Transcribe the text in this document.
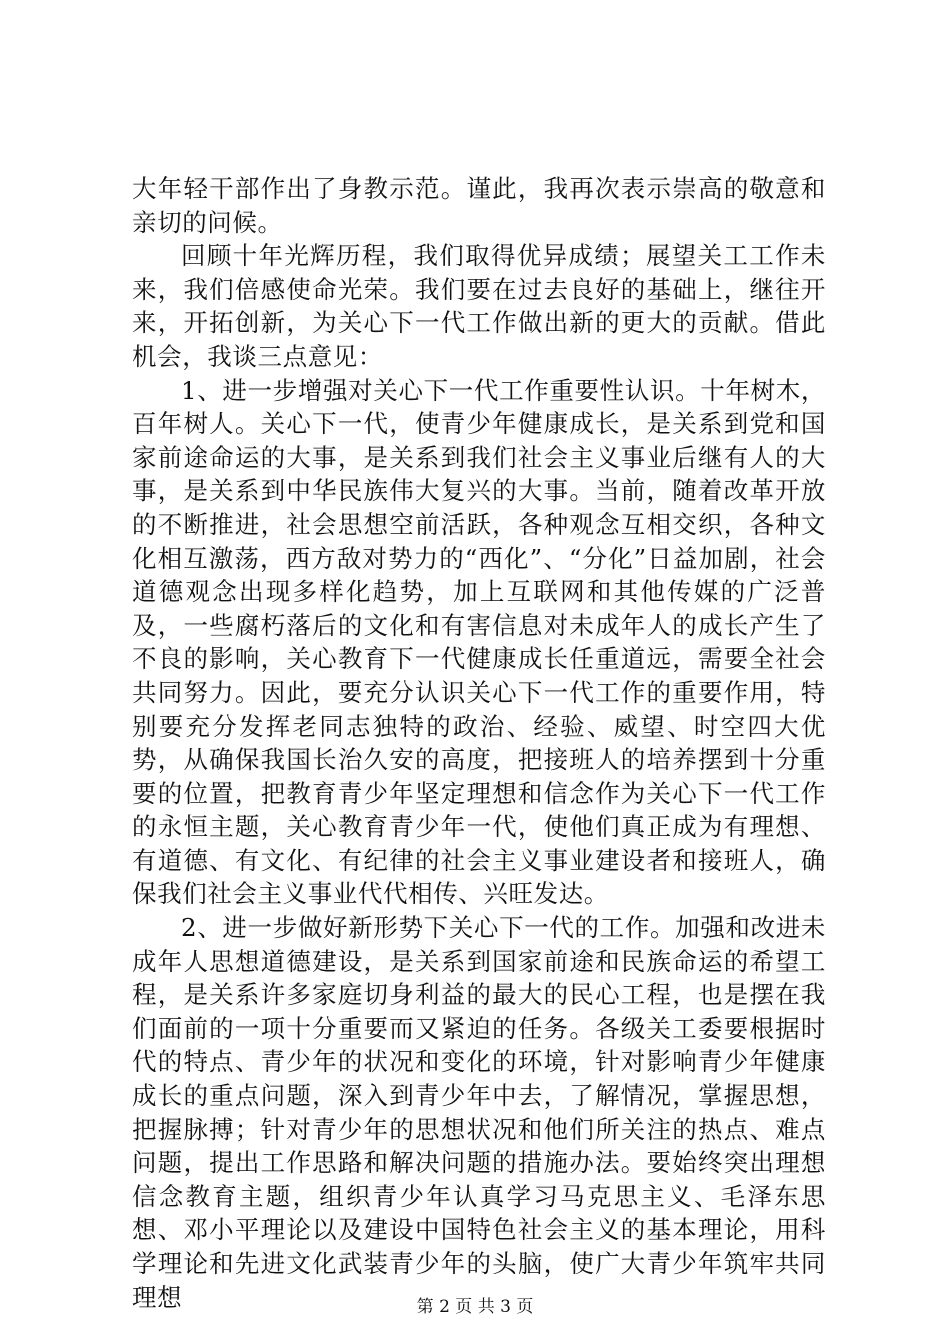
大年轻干部作出了身教示范。谨此，我再次表示崇高的敬意和亲切的问候。

回顾十年光辉历程，我们取得优异成绩；展望关工工作未来，我们倍感使命光荣。我们要在过去良好的基础上，继往开来，开拓创新，为关心下一代工作做出新的更大的贡献。借此机会，我谈三点意见：

1、进一步增强对关心下一代工作重要性认识。十年树木，百年树人。关心下一代，使青少年健康成长，是关系到党和国家前途命运的大事，是关系到我们社会主义事业后继有人的大事，是关系到中华民族伟大复兴的大事。当前，随着改革开放的不断推进，社会思想空前活跃，各种观念互相交织，各种文化相互激荡，西方敌对势力的“西化”、“分化”日益加剧，社会道德观念出现多样化趋势，加上互联网和其他传媒的广泛普及，一些腐朽落后的文化和有害信息对未成年人的成长产生了不良的影响，关心教育下一代健康成长任重道远，需要全社会共同努力。因此，要充分认识关心下一代工作的重要作用，特别要充分发挥老同志独特的政治、经验、威望、时空四大优势，从确保我国长治久安的高度，把接班人的培养摆到十分重要的位置，把教育青少年坚定理想和信念作为关心下一代工作的永恒主题，关心教育青少年一代，使他们真正成为有理想、有道德、有文化、有纪律的社会主义事业建设者和接班人，确保我们社会主义事业代代相传、兴旺发达。

2、进一步做好新形势下关心下一代的工作。加强和改进未成年人思想道德建设，是关系到国家前途和民族命运的希望工程，是关系许多家庭切身利益的最大的民心工程，也是摆在我们面前的一项十分重要而又紧迫的任务。各级关工委要根据时代的特点、青少年的状况和变化的环境，针对影响青少年健康成长的重点问题，深入到青少年中去，了解情况，掌握思想，把握脉搏；针对青少年的思想状况和他们所关注的热点、难点问题，提出工作思路和解决问题的措施办法。要始终突出理想信念教育主题，组织青少年认真学习马克思主义、毛泽东思想、邓小平理论以及建设中国特色社会主义的基本理论，用科学理论和先进文化武装青少年的头脑，使广大青少年筑牢共同理想	第 2 页 共 3 页
